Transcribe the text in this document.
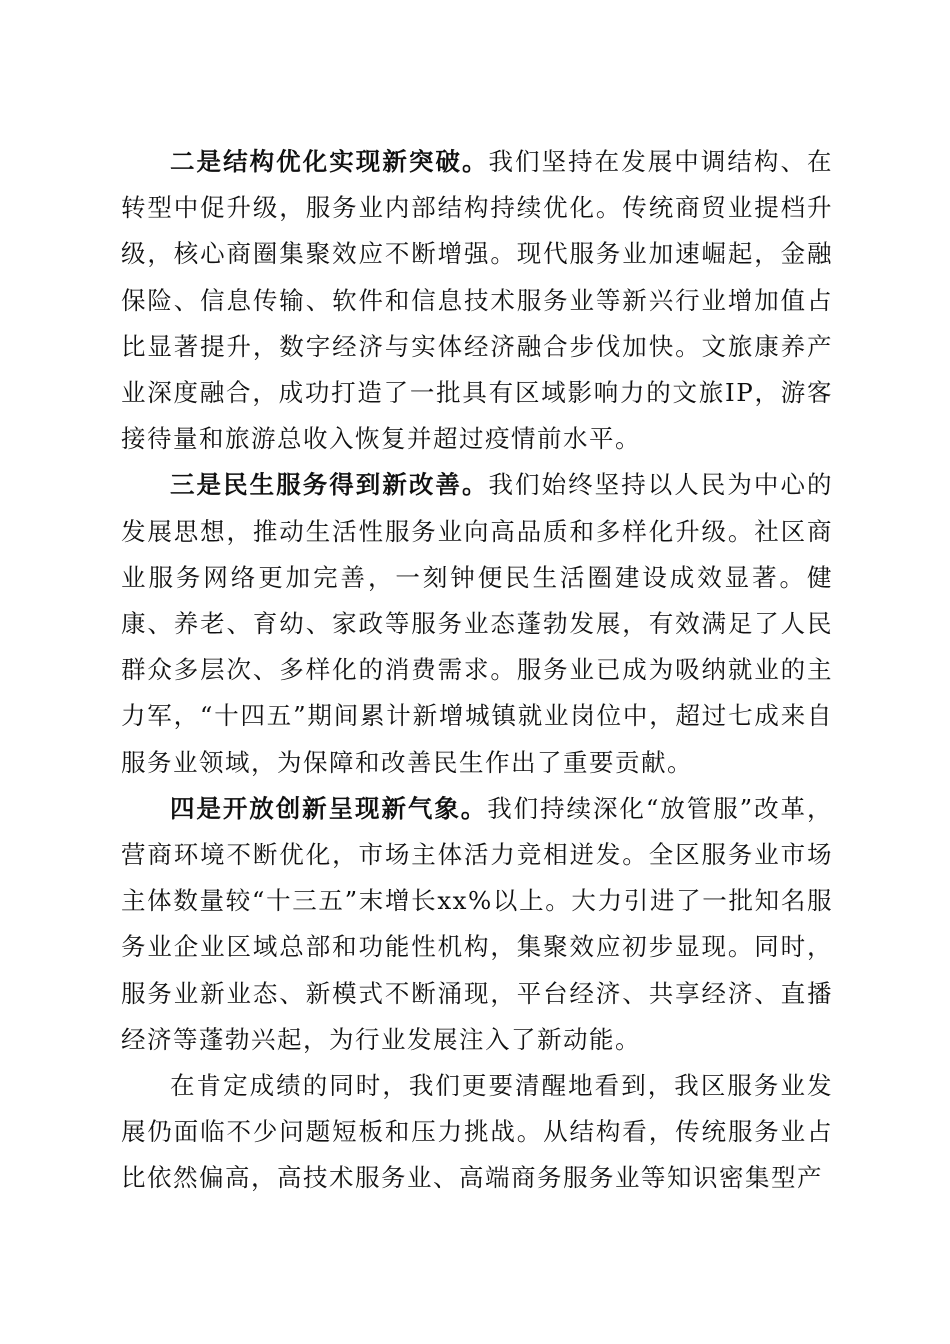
二是结构优化实现新突破。我们坚持在发展中调结构、在转型中促升级，服务业内部结构持续优化。传统商贸业提档升级，核心商圈集聚效应不断增强。现代服务业加速崛起，金融保险、信息传输、软件和信息技术服务业等新兴行业增加值占比显著提升，数字经济与实体经济融合步伐加快。文旅康养产业深度融合，成功打造了一批具有区域影响力的文旅IP，游客接待量和旅游总收入恢复并超过疫情前水平。

三是民生服务得到新改善。我们始终坚持以人民为中心的发展思想，推动生活性服务业向高品质和多样化升级。社区商业服务网络更加完善，一刻钟便民生活圈建设成效显著。健康、养老、育幼、家政等服务业态蓬勃发展，有效满足了人民群众多层次、多样化的消费需求。服务业已成为吸纳就业的主力军，“十四五”期间累计新增城镇就业岗位中，超过七成来自服务业领域，为保障和改善民生作出了重要贡献。

四是开放创新呈现新气象。我们持续深化“放管服”改革，营商环境不断优化，市场主体活力竞相迸发。全区服务业市场主体数量较“十三五”末增长xx%以上。大力引进了一批知名服务业企业区域总部和功能性机构，集聚效应初步显现。同时，服务业新业态、新模式不断涌现，平台经济、共享经济、直播经济等蓬勃兴起，为行业发展注入了新动能。

在肯定成绩的同时，我们更要清醒地看到，我区服务业发展仍面临不少问题短板和压力挑战。从结构看，传统服务业占比依然偏高，高技术服务业、高端商务服务业等知识密集型产
